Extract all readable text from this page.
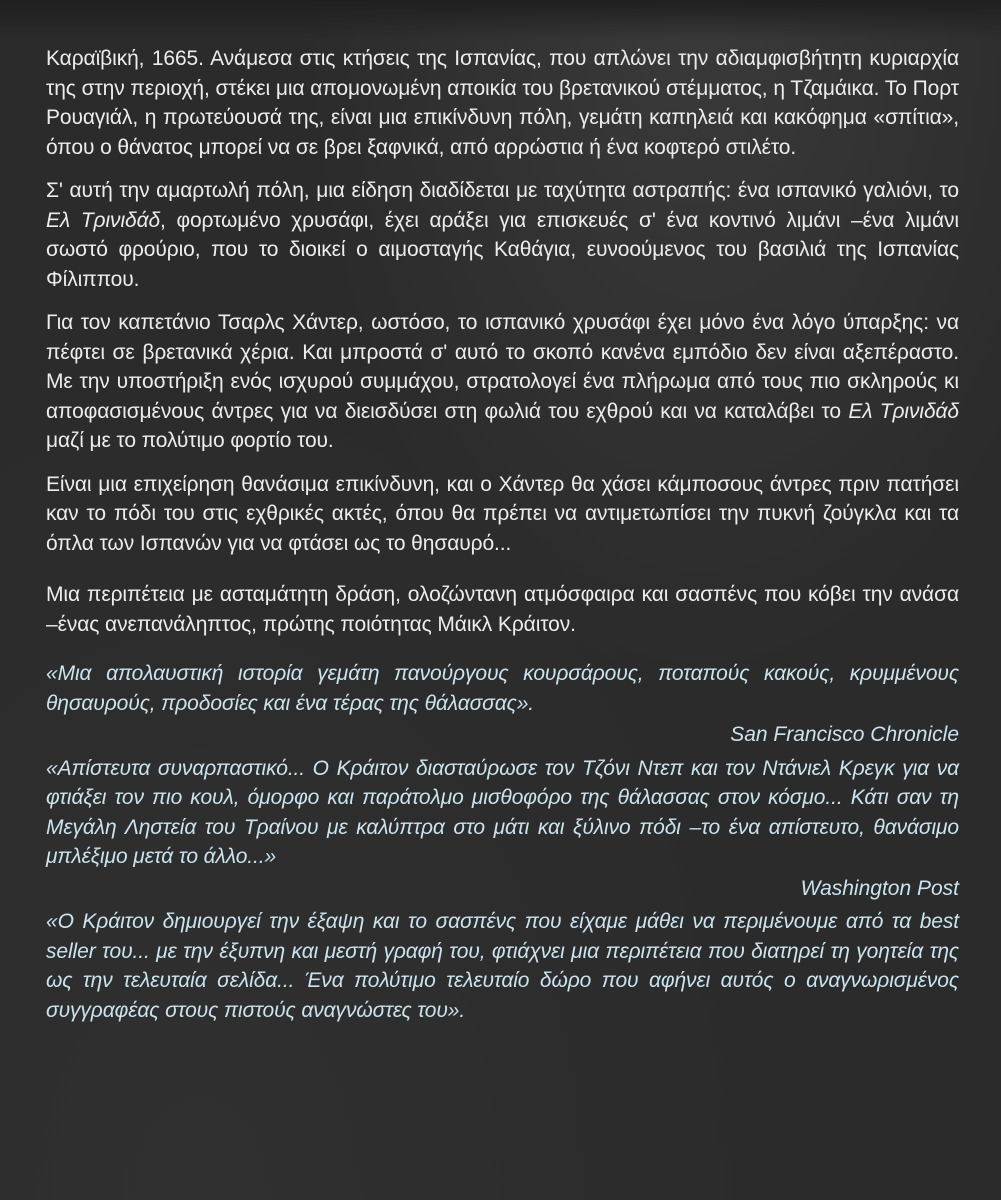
Καραϊβική, 1665. Ανάμεσα στις κτήσεις της Ισπανίας, που απλώνει την αδιαμφισβήτητη κυριαρχία της στην περιοχή, στέκει μια απομονωμένη αποικία του βρετανικού στέμματος, η Τζαμάικα. Το Πορτ Ρουαγιάλ, η πρωτεύουσά της, είναι μια επικίνδυνη πόλη, γεμάτη καπηλειά και κακόφημα «σπίτια», όπου ο θάνατος μπορεί να σε βρει ξαφνικά, από αρρώστια ή ένα κοφτερό στιλέτο.

Σ' αυτή την αμαρτωλή πόλη, μια είδηση διαδίδεται με ταχύτητα αστραπής: ένα ισπανικό γαλιόνι, το Ελ Τρινιδάδ, φορτωμένο χρυσάφι, έχει αράξει για επισκευές σ' ένα κοντινό λιμάνι –ένα λιμάνι σωστό φρούριο, που το διοικεί ο αιμοσταγής Καθάγια, ευνοούμενος του βασιλιά της Ισπανίας Φίλιππου.

Για τον καπετάνιο Τσαρλς Χάντερ, ωστόσο, το ισπανικό χρυσάφι έχει μόνο ένα λόγο ύπαρξης: να πέφτει σε βρετανικά χέρια. Και μπροστά σ' αυτό το σκοπό κανένα εμπόδιο δεν είναι αξεπέραστο. Με την υποστήριξη ενός ισχυρού συμμάχου, στρατολογεί ένα πλήρωμα από τους πιο σκληρούς κι αποφασισμένους άντρες για να διεισδύσει στη φωλιά του εχθρού και να καταλάβει το Ελ Τρινιδάδ μαζί με το πολύτιμο φορτίο του.

Είναι μια επιχείρηση θανάσιμα επικίνδυνη, και ο Χάντερ θα χάσει κάμποσους άντρες πριν πατήσει καν το πόδι του στις εχθρικές ακτές, όπου θα πρέπει να αντιμετωπίσει την πυκνή ζούγκλα και τα όπλα των Ισπανών για να φτάσει ως το θησαυρό...

Μια περιπέτεια με ασταμάτητη δράση, ολοζώντανη ατμόσφαιρα και σασπένς που κόβει την ανάσα –ένας ανεπανάληπτος, πρώτης ποιότητας Μάικλ Κράιτον.

«Μια απολαυστική ιστορία γεμάτη πανούργους κουρσάρους, ποταπούς κακούς, κρυμμένους θησαυρούς, προδοσίες και ένα τέρας της θάλασσας».

San Francisco Chronicle

«Απίστευτα συναρπαστικό... Ο Κράιτον διασταύρωσε τον Τζόνι Ντεπ και τον Ντάνιελ Κρεγκ για να φτιάξει τον πιο κουλ, όμορφο και παράτολμο μισθοφόρο της θάλασσας στον κόσμο... Κάτι σαν τη Μεγάλη Ληστεία του Τραίνου με καλύπτρα στο μάτι και ξύλινο πόδι –το ένα απίστευτο, θανάσιμο μπλέξιμο μετά το άλλο...»

Washington Post

«Ο Κράιτον δημιουργεί την έξαψη και το σασπένς που είχαμε μάθει να περιμένουμε από τα best seller του... με την έξυπνη και μεστή γραφή του, φτιάχνει μια περιπέτεια που διατηρεί τη γοητεία της ως την τελευταία σελίδα... Ένα πολύτιμο τελευταίο δώρο που αφήνει αυτός ο αναγνωρισμένος συγγραφέας στους πιστούς αναγνώστες του».
